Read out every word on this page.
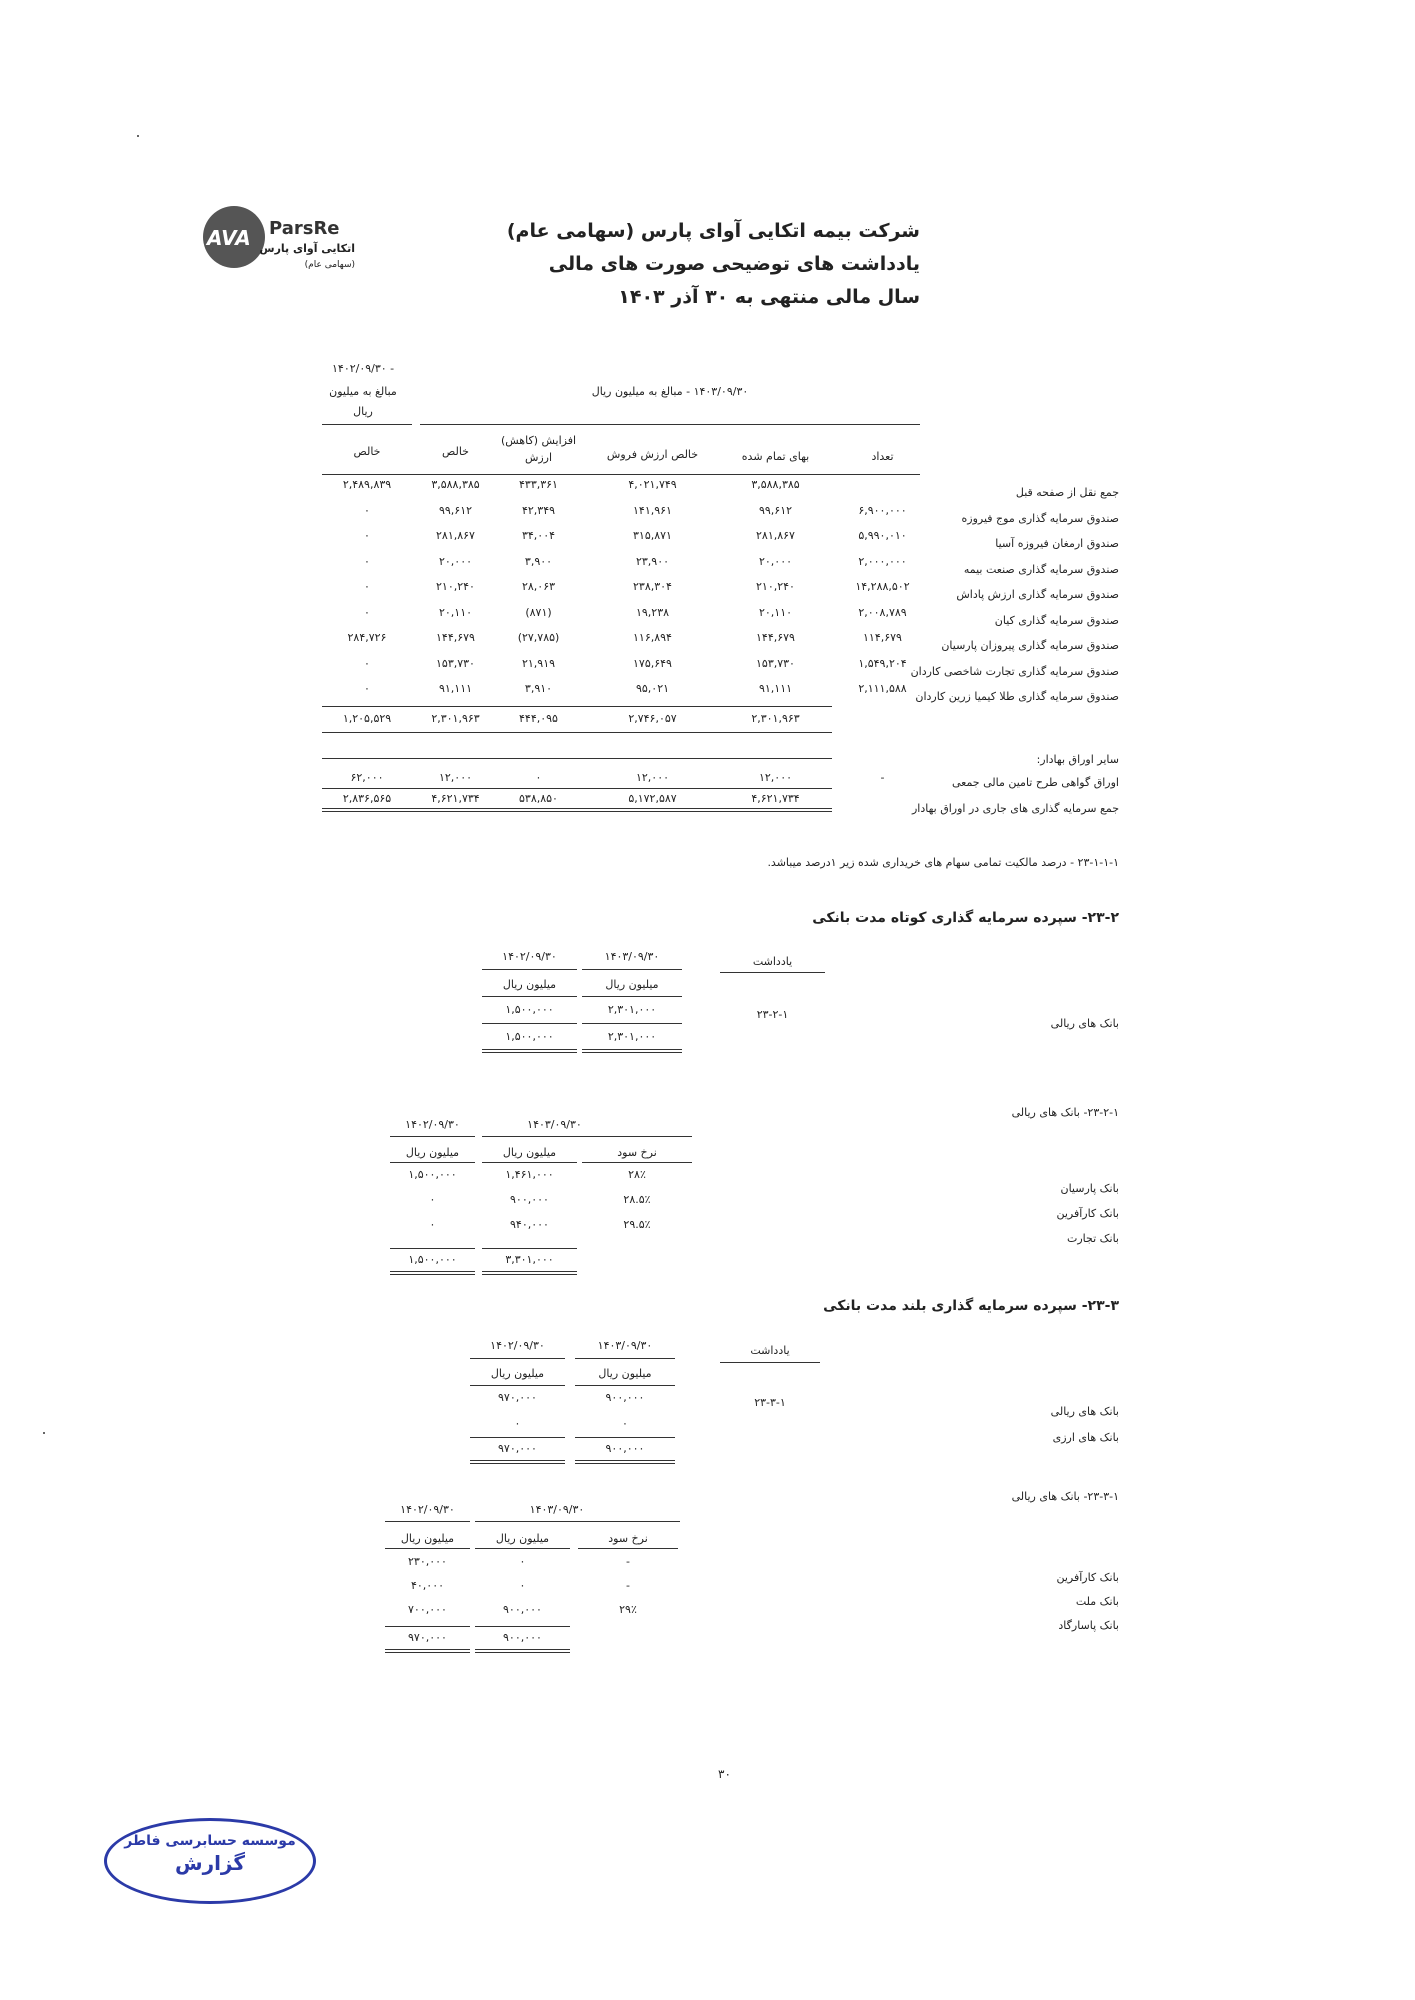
AVA ParsRe
اتکایی آوای پارس
(سهامی عام)
شرکت بیمه اتکایی آوای پارس (سهامی عام)
یادداشت های توضیحی صورت های مالی
سال مالی منتهی به ۳۰ آذر ۱۴۰۳
۱۴۰۲/۰۹/۳۰ -
مبالغ به میلیون
ریال
۱۴۰۳/۰۹/۳۰ - مبالغ به میلیون ریال
تعداد
بهای تمام شده
خالص ارزش فروش
افزایش (کاهش)
ارزش
خالص
خالص
جمع نقل از صفحه قبل
۳,۵۸۸,۳۸۵
۴,۰۲۱,۷۴۹
۴۳۳,۳۶۱
۳,۵۸۸,۳۸۵
۲,۴۸۹,۸۳۹
صندوق سرمایه گذاری موج فیروزه
۶,۹۰۰,۰۰۰
۹۹,۶۱۲
۱۴۱,۹۶۱
۴۲,۳۴۹
۹۹,۶۱۲
۰
صندوق ارمغان فیروزه آسیا
۵,۹۹۰,۰۱۰
۲۸۱,۸۶۷
۳۱۵,۸۷۱
۳۴,۰۰۴
۲۸۱,۸۶۷
۰
صندوق سرمایه گذاری صنعت بیمه
۲,۰۰۰,۰۰۰
۲۰,۰۰۰
۲۳,۹۰۰
۳,۹۰۰
۲۰,۰۰۰
۰
صندوق سرمایه گذاری ارزش پاداش
۱۴,۲۸۸,۵۰۲
۲۱۰,۲۴۰
۲۳۸,۳۰۴
۲۸,۰۶۳
۲۱۰,۲۴۰
۰
صندوق سرمایه گذاری کیان
۲,۰۰۸,۷۸۹
۲۰,۱۱۰
۱۹,۲۳۸
(۸۷۱)
۲۰,۱۱۰
۰
صندوق سرمایه گذاری پیروزان پارسیان
۱۱۴,۶۷۹
۱۴۴,۶۷۹
۱۱۶,۸۹۴
(۲۷,۷۸۵)
۱۴۴,۶۷۹
۲۸۴,۷۲۶
صندوق سرمایه گذاری تجارت شاخصی کاردان
۱,۵۴۹,۲۰۴
۱۵۳,۷۳۰
۱۷۵,۶۴۹
۲۱,۹۱۹
۱۵۳,۷۳۰
۰
صندوق سرمایه گذاری طلا کیمیا زرین کاردان
۲,۱۱۱,۵۸۸
۹۱,۱۱۱
۹۵,۰۲۱
۳,۹۱۰
۹۱,۱۱۱
۰
۲,۳۰۱,۹۶۳
۲,۷۴۶,۰۵۷
۴۴۴,۰۹۵
۲,۳۰۱,۹۶۳
۱,۲۰۵,۵۲۹
سایر اوراق بهادار:
اوراق گواهی طرح تامین مالی جمعی
-
۱۲,۰۰۰
۱۲,۰۰۰
۰
۱۲,۰۰۰
۶۲,۰۰۰
جمع سرمایه گذاری های جاری در اوراق بهادار
۴,۶۲۱,۷۳۴
۵,۱۷۲,۵۸۷
۵۳۸,۸۵۰
۴,۶۲۱,۷۳۴
۲,۸۳۶,۵۶۵
۲۳-۱-۱-۱ - درصد مالکیت تمامی سهام های خریداری شده زیر ۱درصد میباشد.
۲۳-۲- سپرده سرمایه گذاری کوتاه مدت بانکی
یادداشت
۱۴۰۳/۰۹/۳۰
۱۴۰۲/۰۹/۳۰
میلیون ریال
میلیون ریال
۲,۳۰۱,۰۰۰
۱,۵۰۰,۰۰۰	۲۳-۲-۱
بانک های ریالی
۲,۳۰۱,۰۰۰
۱,۵۰۰,۰۰۰
۲۳-۲-۱- بانک های ریالی
۱۴۰۳/۰۹/۳۰
۱۴۰۲/۰۹/۳۰
نرخ سود
میلیون ریال
میلیون ریال
بانک پارسیان
۲۸٪
۱,۴۶۱,۰۰۰
۱,۵۰۰,۰۰۰
بانک کارآفرین
۲۸.۵٪
۹۰۰,۰۰۰
۰
بانک تجارت
۲۹.۵٪
۹۴۰,۰۰۰
۰
۳,۳۰۱,۰۰۰
۱,۵۰۰,۰۰۰
۲۳-۳- سپرده سرمایه گذاری بلند مدت بانکی
یادداشت
۱۴۰۳/۰۹/۳۰
۱۴۰۲/۰۹/۳۰
میلیون ریال
میلیون ریال
بانک های ریالی
۲۳-۳-۱
۹۰۰,۰۰۰
۹۷۰,۰۰۰
بانک های ارزی
۰
۰
۹۰۰,۰۰۰
۹۷۰,۰۰۰
۲۳-۳-۱- بانک های ریالی
۱۴۰۳/۰۹/۳۰
۱۴۰۲/۰۹/۳۰
نرخ سود
میلیون ریال
میلیون ریال
بانک کارآفرین
-
۰
۲۳۰,۰۰۰
بانک ملت
-
۰
۴۰,۰۰۰
بانک پاسارگاد
۲۹٪
۹۰۰,۰۰۰
۷۰۰,۰۰۰
۹۰۰,۰۰۰
۹۷۰,۰۰۰
۳۰
موسسه حسابرسی فاطر
گزارش
